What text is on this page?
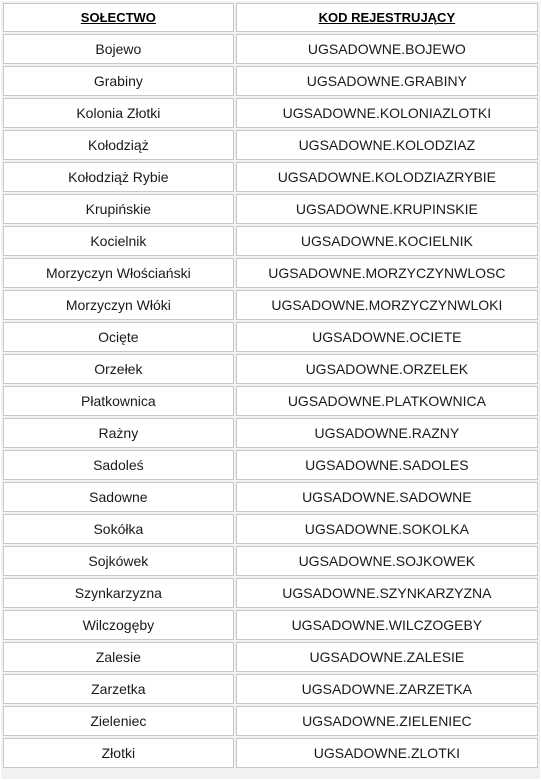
SOŁECTWO	KOD REJESTRUJĄCY
Bojewo	UGSADOWNE.BOJEWO
Grabiny	UGSADOWNE.GRABINY
Kolonia Złotki	UGSADOWNE.KOLONIAZLOTKI
Kołodziąż	UGSADOWNE.KOLODZIAZ
Kołodziąż Rybie	UGSADOWNE.KOLODZIAZRYBIE
Krupińskie	UGSADOWNE.KRUPINSKIE
Kocielnik	UGSADOWNE.KOCIELNIK
Morzyczyn Włościański	UGSADOWNE.MORZYCZYNWLOSC
Morzyczyn Włóki	UGSADOWNE.MORZYCZYNWLOKI
Ocięte	UGSADOWNE.OCIETE
Orzełek	UGSADOWNE.ORZELEK
Płatkownica	UGSADOWNE.PLATKOWNICA
Rażny	UGSADOWNE.RAZNY
Sadoleś	UGSADOWNE.SADOLES
Sadowne	UGSADOWNE.SADOWNE
Sokółka	UGSADOWNE.SOKOLKA
Sojkówek	UGSADOWNE.SOJKOWEK
Szynkarzyzna	UGSADOWNE.SZYNKARZYZNA
Wilczogęby	UGSADOWNE.WILCZOGEBY
Zalesie	UGSADOWNE.ZALESIE
Zarzetka	UGSADOWNE.ZARZETKA
Zieleniec	UGSADOWNE.ZIELENIEC
Złotki	UGSADOWNE.ZLOTKI
